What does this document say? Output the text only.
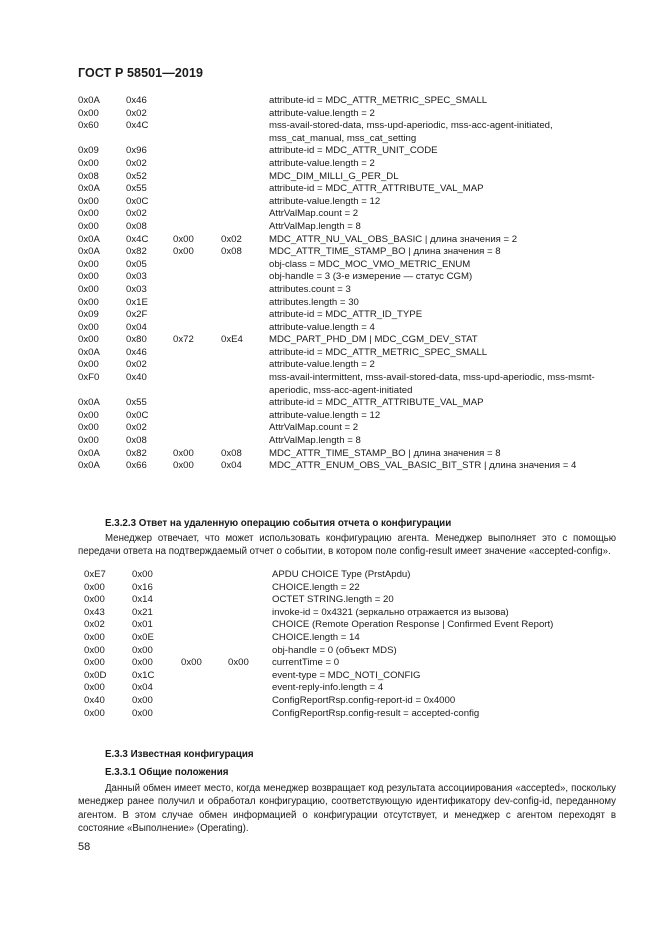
ГОСТ Р 58501—2019
0x0A	0x46	attribute-id = MDC_ATTR_METRIC_SPEC_SMALL
0x00	0x02	attribute-value.length = 2
0x60	0x4C	mss-avail-stored-data, mss-upd-aperiodic, mss-acc-agent-initiated, mss_cat_manual, mss_cat_setting
0x09	0x96	attribute-id = MDC_ATTR_UNIT_CODE
0x00	0x02	attribute-value.length = 2
0x08	0x52	MDC_DIM_MILLI_G_PER_DL
0x0A	0x55	attribute-id = MDC_ATTR_ATTRIBUTE_VAL_MAP
0x00	0x0C	attribute-value.length = 12
0x00	0x02	AttrValMap.count = 2
0x00	0x08	AttrValMap.length = 8
0x0A	0x4C	0x00	0x02	MDC_ATTR_NU_VAL_OBS_BASIC | длина значения = 2
0x0A	0x82	0x00	0x08	MDC_ATTR_TIME_STAMP_BO | длина значения = 8
0x00	0x05	obj-class = MDC_MOC_VMO_METRIC_ENUM
0x00	0x03	obj-handle = 3 (3-е измерение — статус CGM)
0x00	0x03	attributes.count = 3
0x00	0x1E	attributes.length = 30
0x09	0x2F	attribute-id = MDC_ATTR_ID_TYPE
0x00	0x04	attribute-value.length = 4
0x00	0x80	0x72	0xE4	MDC_PART_PHD_DM | MDC_CGM_DEV_STAT
0x0A	0x46	attribute-id = MDC_ATTR_METRIC_SPEC_SMALL
0x00	0x02	attribute-value.length = 2
0xF0	0x40	mss-avail-intermittent, mss-avail-stored-data, mss-upd-aperiodic, mss-msmt-aperiodic, mss-acc-agent-initiated
0x0A	0x55	attribute-id = MDC_ATTR_ATTRIBUTE_VAL_MAP
0x00	0x0C	attribute-value.length = 12
0x00	0x02	AttrValMap.count = 2
0x00	0x08	AttrValMap.length = 8
0x0A	0x82	0x00	0x08	MDC_ATTR_TIME_STAMP_BO | длина значения = 8
0x0A	0x66	0x00	0x04	MDC_ATTR_ENUM_OBS_VAL_BASIC_BIT_STR | длина значения = 4
Е.3.2.3 Ответ на удаленную операцию события отчета о конфигурации
Менеджер отвечает, что может использовать конфигурацию агента. Менеджер выполняет это с помощью передачи ответа на подтверждаемый отчет о событии, в котором поле config-result имеет значение «accepted-config».
0xE7	0x00	APDU CHOICE Type (PrstApdu)
0x00	0x16	CHOICE.length = 22
0x00	0x14	OCTET STRING.length = 20
0x43	0x21	invoke-id = 0x4321 (зеркально отражается из вызова)
0x02	0x01	CHOICE (Remote Operation Response | Confirmed Event Report)
0x00	0x0E	CHOICE.length = 14
0x00	0x00	obj-handle = 0 (объект MDS)
0x00	0x00	0x00	0x00 currentTime = 0
0x0D	0x1C	event-type = MDC_NOTI_CONFIG
0x00	0x04	event-reply-info.length = 4
0x40	0x00	ConfigReportRsp.config-report-id = 0x4000
0x00	0x00	ConfigReportRsp.config-result = accepted-config
Е.3.3 Известная конфигурация
Е.3.3.1 Общие положения
Данный обмен имеет место, когда менеджер возвращает код результата ассоциирования «accepted», поскольку менеджер ранее получил и обработал конфигурацию, соответствующую идентификатору dev-config-id, переданному агентом. В этом случае обмен информацией о конфигурации отсутствует, и менеджер с агентом переходят в состояние «Выполнение» (Operating).
58
